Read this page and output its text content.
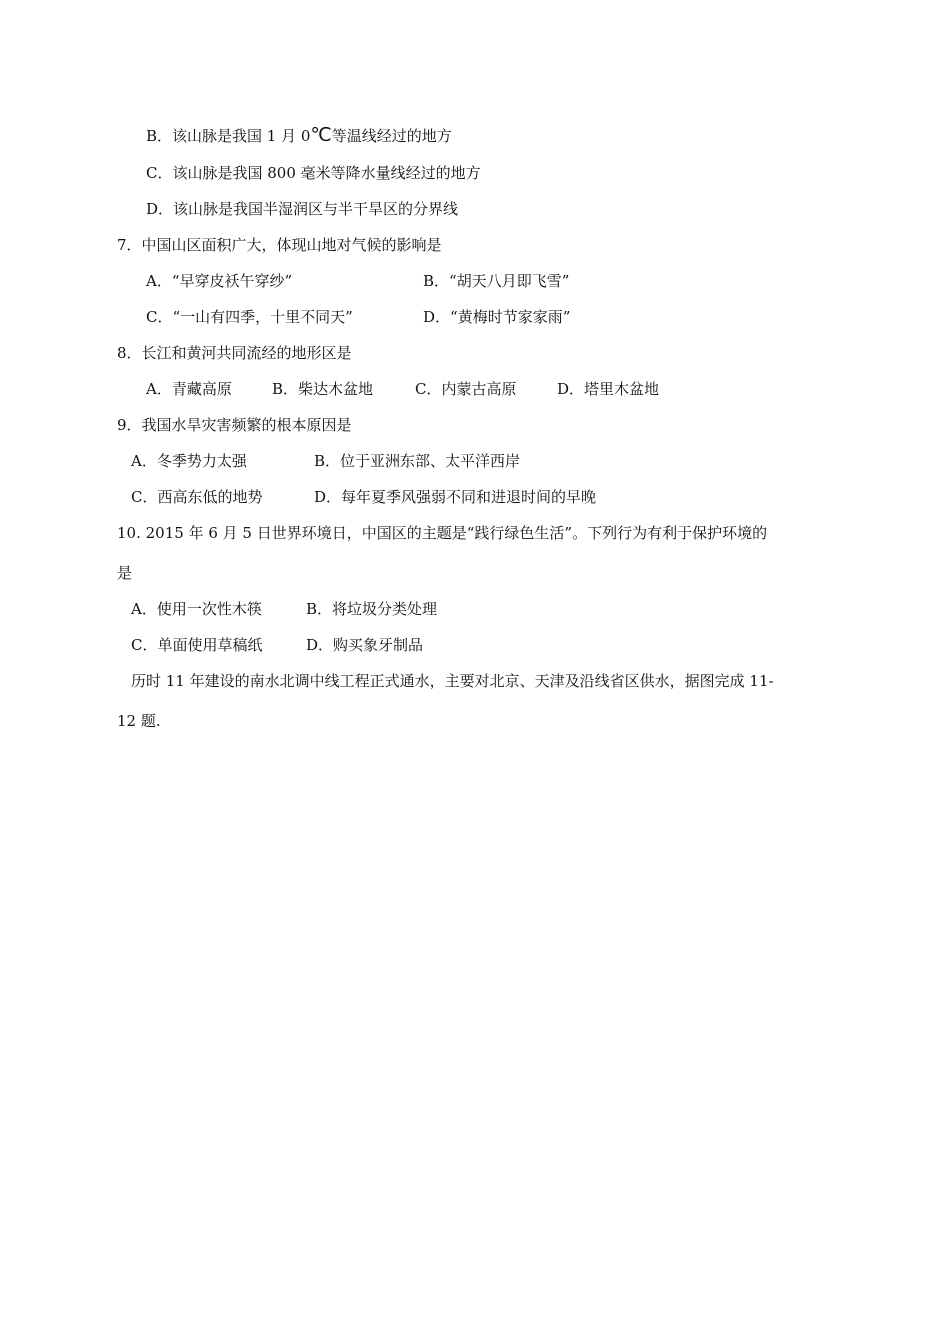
B．该山脉是我国 1 月 0℃等温线经过的地方
C．该山脉是我国 800 毫米等降水量线经过的地方
D．该山脉是我国半湿润区与半干旱区的分界线
7．中国山区面积广大，体现山地对气候的影响是
A．“早穿皮袄午穿纱”	B．“胡天八月即飞雪”
C．“一山有四季，十里不同天”	D．“黄梅时节家家雨”
8．长江和黄河共同流经的地形区是
A．青藏高原	B．柴达木盆地	C．内蒙古高原	D．塔里木盆地
9．我国水旱灾害频繁的根本原因是
A．冬季势力太强	B．位于亚洲东部、太平洋西岸
C．西高东低的地势	D．每年夏季风强弱不同和进退时间的早晚
10. 2015 年 6 月 5 日世界环境日，中国区的主题是“践行绿色生活”。下列行为有利于保护环境的
是
A．使用一次性木筷	B．将垃圾分类处理
C．单面使用草稿纸	D．购买象牙制品
历时 11 年建设的南水北调中线工程正式通水，主要对北京、天津及沿线省区供水，据图完成 11-
12 题.
